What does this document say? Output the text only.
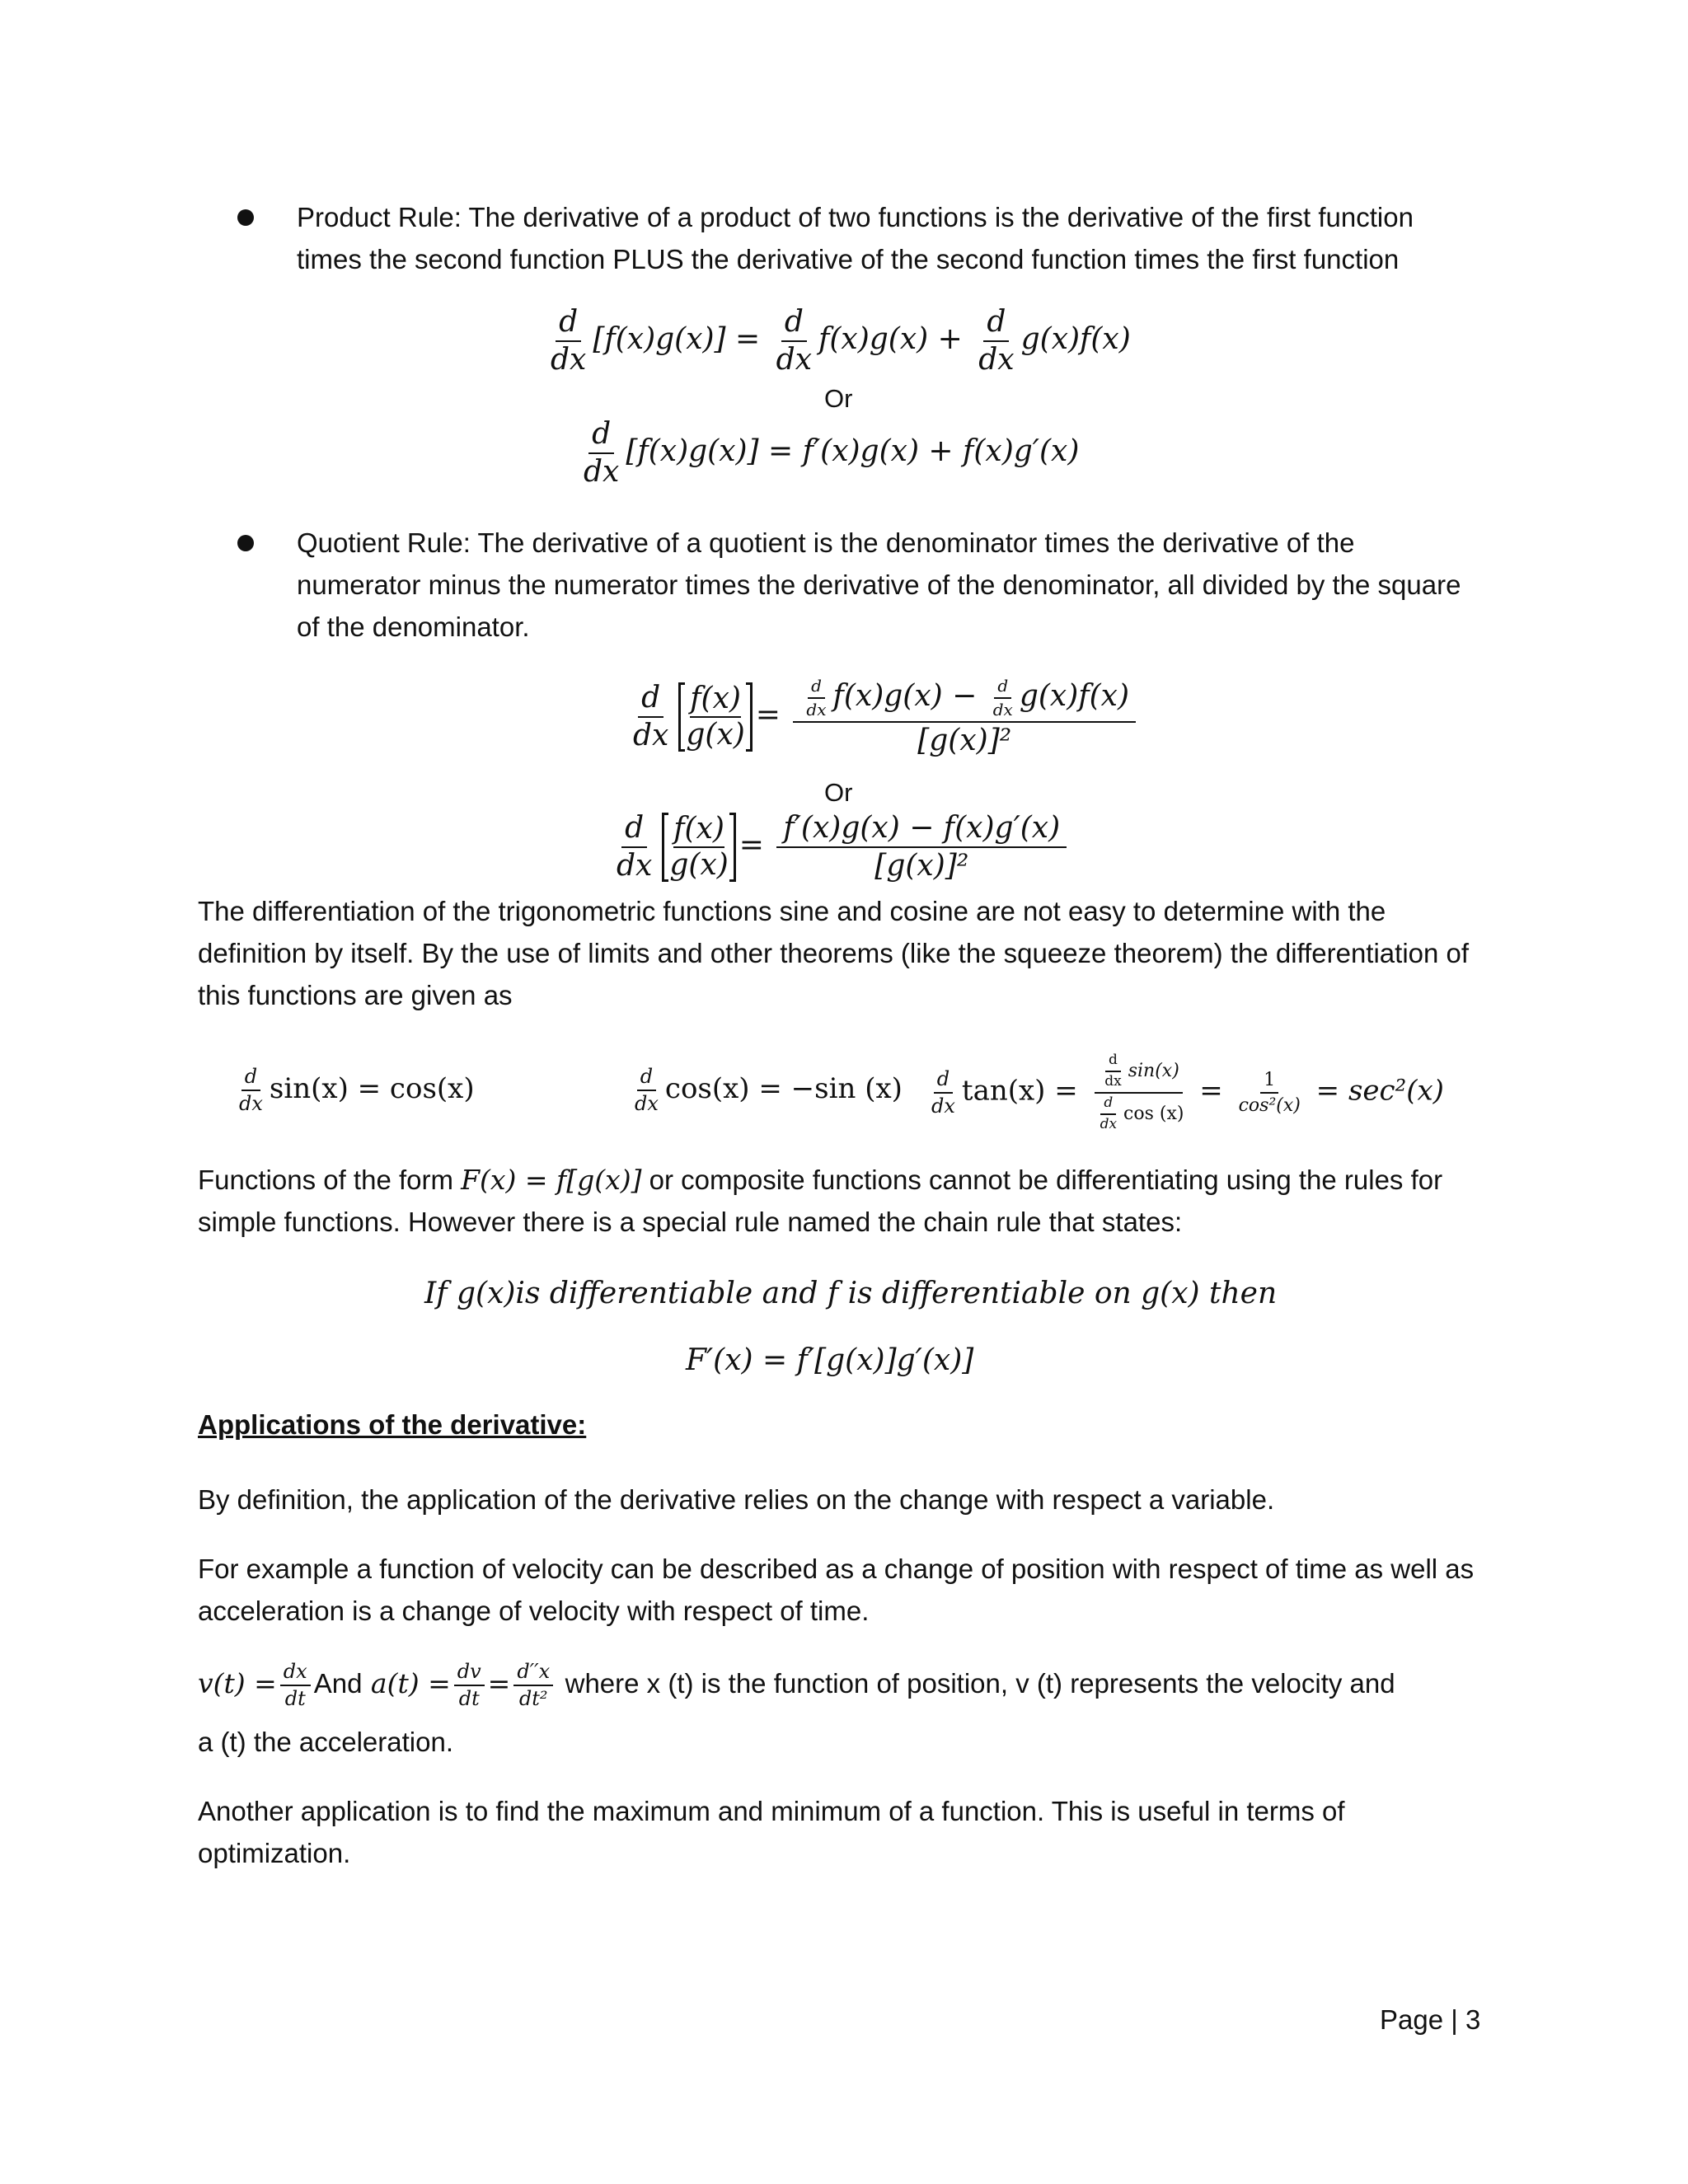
Product Rule: The derivative of a product of two functions is the derivative of the first function times the second function PLUS the derivative of the second function times the first function
$\frac{d}{dx} [f(x)g(x)] = \frac{d}{dx} f(x)g(x) + \frac{d}{dx} g(x)f(x)$
Or
$\frac{d}{dx} [f(x)g(x)] = f'(x)g(x) + f(x)g'(x)$
Quotient Rule: The derivative of a quotient is the denominator times the derivative of the numerator minus the numerator times the derivative of the denominator, all divided by the square of the denominator.
$\frac{d}{dx} \frac{f(x)}{g(x)} = \frac{\frac{d}{dx} f(x)g(x) - \frac{d}{dx} g(x)f(x)}{\text{[g(x)]²}}$
Or
$\frac{d}{dx} \frac{f(x)}{g(x)} = \frac{f'(x)g(x) - f(x)g'(x)}{\text{[g(x)]²}}$
The differentiation of the trigonometric functions sine and cosine are not easy to determine with the definition by itself. By the use of limits and other theorems (like the squeeze theorem) the differentiation of this functions are given as
$\frac{d}{dx} \sin(x) = \cos(x)$	$\frac{d}{dx} \cos(x) = -\sin$ $(x) \frac{d}{dx} \tan(x) = \frac{\frac{d}{dx} \sin(x)}{\frac{d}{dx} \cos (x)} = \frac{1}{\text{cos²(x)}} = \sec^2(x)$
Functions of the form F(x) = f[g(x)] or composite functions cannot be differentiating using the rules for simple functions. However there is a special rule named the chain rule that states:
If g(x)is differentiable and f is differentiable on g(x) then
F′(x) = f′[g(x)]g′(x)]
Applications of the derivative:
By definition, the application of the derivative relies on the change with respect a variable.
For example a function of velocity can be described as a change of position with respect of time as well as acceleration is a change of velocity with respect of time.
$v(t) = \frac{dx}{dt}$ And $a(t) = \frac{dv}{dt} = \frac{d''x}{\text{dt²}}$ where x (t) is the function of position, v (t) represents the velocity and
a (t) the acceleration.
Another application is to find the maximum and minimum of a function. This is useful in terms of optimization.
Page | 3
